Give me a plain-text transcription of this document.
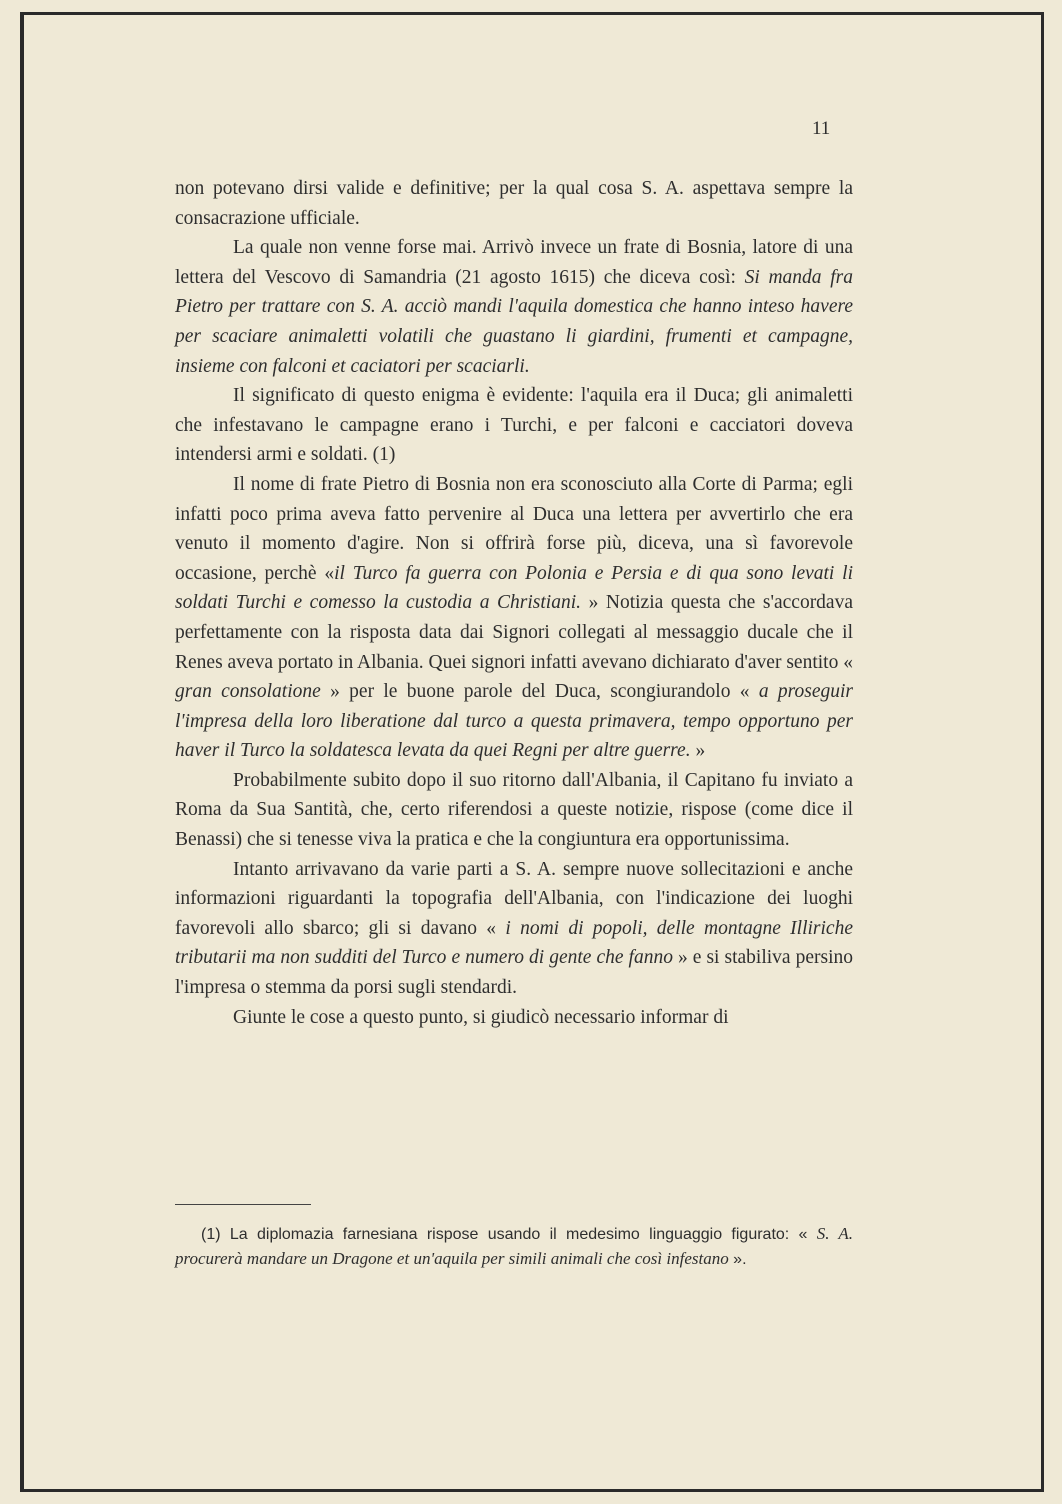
11

non potevano dirsi valide e definitive; per la qual cosa S. A. aspettava sempre la consacrazione ufficiale.

La quale non venne forse mai. Arrivò invece un frate di Bosnia, latore di una lettera del Vescovo di Samandria (21 agosto 1615) che diceva così: Si manda fra Pietro per trattare con S. A. acciò mandi l'aquila domestica che hanno inteso havere per scaciare animaletti volatili che guastano li giardini, frumenti et campagne, insieme con falconi et caciatori per scaciarli.

Il significato di questo enigma è evidente: l'aquila era il Duca; gli animaletti che infestavano le campagne erano i Turchi, e per falconi e cacciatori doveva intendersi armi e soldati. (1)

Il nome di frate Pietro di Bosnia non era sconosciuto alla Corte di Parma; egli infatti poco prima aveva fatto pervenire al Duca una lettera per avvertirlo che era venuto il momento d'agire. Non si offrirà forse più, diceva, una sì favorevole occasione, perchè «il Turco fa guerra con Polonia e Persia e di qua sono levati li soldati Turchi e comesso la custodia a Christiani. » Notizia questa che s'accordava perfettamente con la risposta data dai Signori collegati al messaggio ducale che il Renes aveva portato in Albania. Quei signori infatti avevano dichiarato d'aver sentito « gran consolatione » per le buone parole del Duca, scongiurandolo « a proseguir l'impresa della loro liberatione dal turco a questa primavera, tempo opportuno per haver il Turco la soldatesca levata da quei Regni per altre guerre. »

Probabilmente subito dopo il suo ritorno dall'Albania, il Capitano fu inviato a Roma da Sua Santità, che, certo riferendosi a queste notizie, rispose (come dice il Benassi) che si tenesse viva la pratica e che la congiuntura era opportunissima.

Intanto arrivavano da varie parti a S. A. sempre nuove sollecitazioni e anche informazioni riguardanti la topografia dell'Albania, con l'indicazione dei luoghi favorevoli allo sbarco; gli si davano « i nomi di popoli, delle montagne Illiriche tributarii ma non sudditi del Turco e numero di gente che fanno » e si stabiliva persino l'impresa o stemma da porsi sugli stendardi.

Giunte le cose a questo punto, si giudicò necessario informar di

(1) La diplomazia farnesiana rispose usando il medesimo linguaggio figurato: « S. A. procurerà mandare un Dragone et un'aquila per simili animali che così infestano ».
